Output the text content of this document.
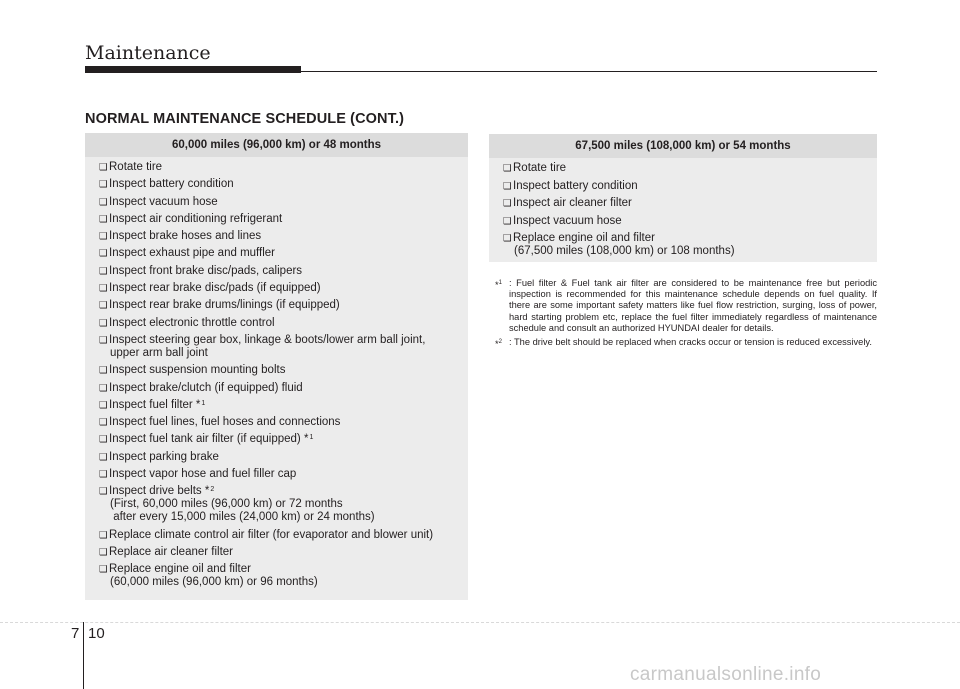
Maintenance
NORMAL MAINTENANCE SCHEDULE (CONT.)
60,000 miles (96,000 km) or 48 months
❑ Rotate tire
❑ Inspect battery condition
❑ Inspect vacuum hose
❑ Inspect air conditioning refrigerant
❑ Inspect brake hoses and lines
❑ Inspect exhaust pipe and muffler
❑ Inspect front brake disc/pads, calipers
❑ Inspect rear brake disc/pads (if equipped)
❑ Inspect rear brake drums/linings (if equipped)
❑ Inspect electronic throttle control
❑ Inspect steering gear box, linkage & boots/lower arm ball joint,
upper arm ball joint
❑ Inspect suspension mounting bolts
❑ Inspect brake/clutch (if equipped) fluid
❑ Inspect fuel filter *$^1$
❑ Inspect fuel lines, fuel hoses and connections
❑ Inspect fuel tank air filter (if equipped) *$^1$
❑ Inspect parking brake
❑ Inspect vapor hose and fuel filler cap
❑ Inspect drive belts *$^2$
(First, 60,000 miles (96,000 km) or 72 months
after every 15,000 miles (24,000 km) or 24 months)
❑ Replace climate control air filter (for evaporator and blower unit)
❑ Replace air cleaner filter
❑ Replace engine oil and filter
(60,000 miles (96,000 km) or 96 months)
67,500 miles (108,000 km) or 54 months
❑ Rotate tire
❑ Inspect battery condition
❑ Inspect air cleaner filter
❑ Inspect vacuum hose
❑ Replace engine oil and filter
(67,500 miles (108,000 km) or 108 months)
*$^1$ : Fuel filter & Fuel tank air filter are considered to be maintenance free but periodic inspection is recommended for this maintenance schedule depends on fuel quality. If there are some important safety matters like fuel flow restriction, surging, loss of power, hard starting problem etc, replace the fuel filter immediately regardless of maintenance schedule and consult an authorized HYUNDAI dealer for details.
*$^2$ : The drive belt should be replaced when cracks occur or tension is reduced excessively.
7 10
carmanualsonline.info
